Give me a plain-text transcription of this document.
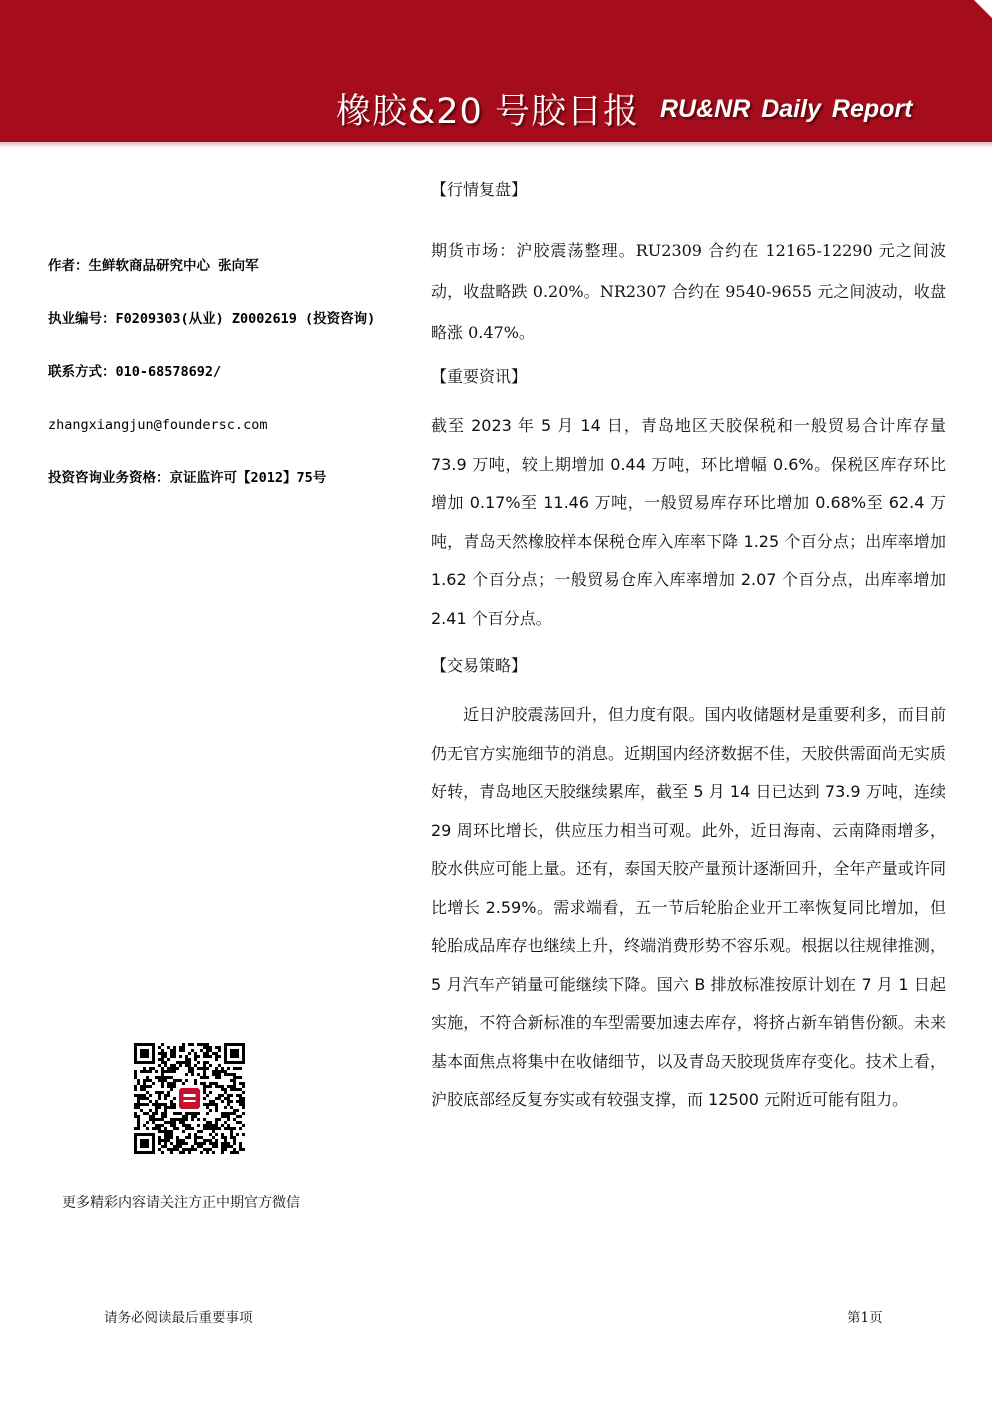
橡胶&20 号胶日报 RU&NR Daily Report
作者：生鲜软商品研究中心 张向军
执业编号：F0209303(从业) Z0002619 (投资咨询)
联系方式：010-68578692/
zhangxiangjun@foundersc.com
投资咨询业务资格：京证监许可【2012】75号
更多精彩内容请关注方正中期官方微信

【行情复盘】

期货市场：沪胶震荡整理。RU2309 合约在 12165-12290 元之间波动，收盘略跌 0.20%。NR2307 合约在 9540-9655 元之间波动，收盘略涨 0.47%。

【重要资讯】

截至 2023 年 5 月 14 日，青岛地区天胶保税和一般贸易合计库存量 73.9 万吨，较上期增加 0.44 万吨，环比增幅 0.6%。保税区库存环比增加 0.17%至 11.46 万吨，一般贸易库存环比增加 0.68%至 62.4 万吨，青岛天然橡胶样本保税仓库入库率下降 1.25 个百分点；出库率增加 1.62 个百分点；一般贸易仓库入库率增加 2.07 个百分点，出库率增加 2.41 个百分点。

【交易策略】

近日沪胶震荡回升，但力度有限。国内收储题材是重要利多，而目前仍无官方实施细节的消息。近期国内经济数据不佳，天胶供需面尚无实质好转，青岛地区天胶继续累库，截至 5 月 14 日已达到 73.9 万吨，连续 29 周环比增长，供应压力相当可观。此外，近日海南、云南降雨增多，胶水供应可能上量。还有，泰国天胶产量预计逐渐回升，全年产量或许同比增长 2.59%。需求端看，五一节后轮胎企业开工率恢复同比增加，但轮胎成品库存也继续上升，终端消费形势不容乐观。根据以往规律推测，5 月汽车产销量可能继续下降。国六 B 排放标准按原计划在 7 月 1 日起实施，不符合新标准的车型需要加速去库存，将挤占新车销售份额。未来基本面焦点将集中在收储细节，以及青岛天胶现货库存变化。技术上看，沪胶底部经反复夯实或有较强支撑，而 12500 元附近可能有阻力。

请务必阅读最后重要事项	第1页
